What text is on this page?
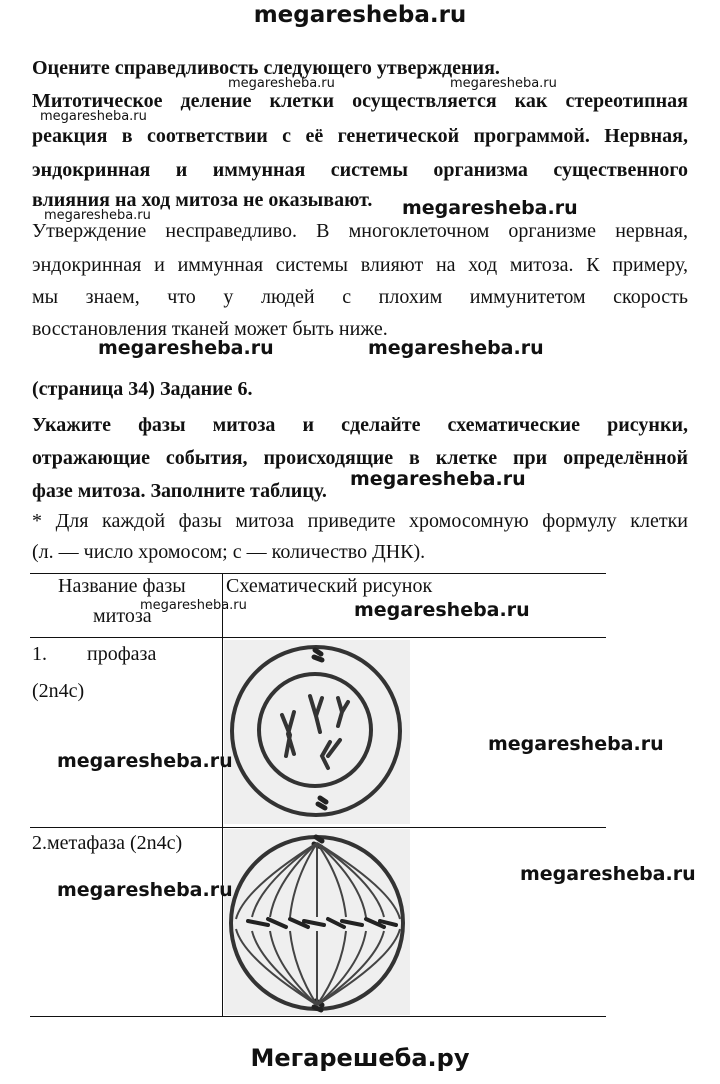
megaresheba.ru
Оцените справедливость следующего утверждения.
Митотическое деление клетки осуществляется как стереотипная
реакция в соответствии с её генетической программой. Нервная,
эндокринная и иммунная системы организма существенного
влияния на ход митоза не оказывают.
Утверждение несправедливо. В многоклеточном организме нервная,
эндокринная и иммунная системы влияют на ход митоза. К примеру,
мы знаем, что у людей с плохим иммунитетом скорость
восстановления тканей может быть ниже.
(страница 34) Задание 6.
Укажите фазы митоза и сделайте схематические рисунки,
отражающие события, происходящие в клетке при определённой
фазе митоза. Заполните таблицу.
* Для каждой фазы митоза приведите хромосомную формулу клетки
(л. — число хромосом; с — количество ДНК).
Название фазы
митоза
Схематический рисунок
1.        профаза
(2n4c)
2.метафаза (2n4c)
megaresheba.ru	megaresheba.ru
megaresheba.ru
megaresheba.ru
megaresheba.ru
megaresheba.ru	megaresheba.ru
megaresheba.ru
megaresheba.ru	megaresheba.ru
megaresheba.ru
megaresheba.ru
megaresheba.ru
megaresheba.ru
Мегарешеба.ру
